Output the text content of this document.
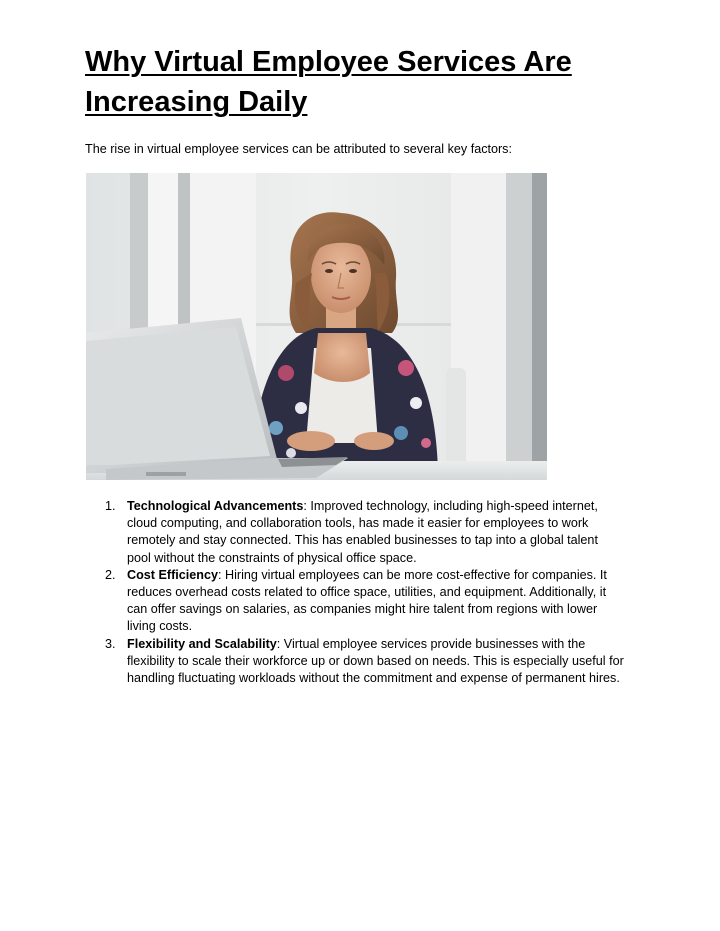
Why Virtual Employee Services Are Increasing Daily

The rise in virtual employee services can be attributed to several key factors:

1. Technological Advancements: Improved technology, including high-speed internet, cloud computing, and collaboration tools, has made it easier for employees to work remotely and stay connected. This has enabled businesses to tap into a global talent pool without the constraints of physical office space.
2. Cost Efficiency: Hiring virtual employees can be more cost-effective for companies. It reduces overhead costs related to office space, utilities, and equipment. Additionally, it can offer savings on salaries, as companies might hire talent from regions with lower living costs.
3. Flexibility and Scalability: Virtual employee services provide businesses with the flexibility to scale their workforce up or down based on needs. This is especially useful for handling fluctuating workloads without the commitment and expense of permanent hires.
